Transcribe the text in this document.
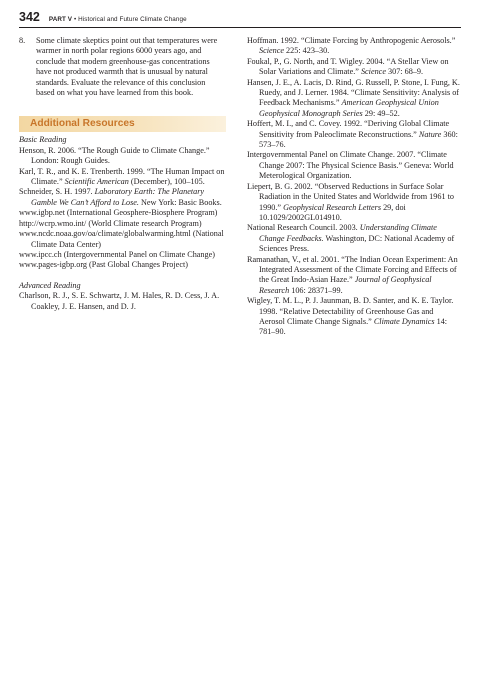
342 PART V • Historical and Future Climate Change
8.	Some climate skeptics point out that temperatures were warmer in north polar regions 6000 years ago, and conclude that modern greenhouse-gas concentrations have not produced warmth that is unusual by natural standards. Evaluate the relevance of this conclusion based on what you have learned from this book.
Additional Resources
Basic Reading
Henson, R. 2006. “The Rough Guide to Climate Change.” London: Rough Guides.
Karl, T. R., and K. E. Trenberth. 1999. “The Human Impact on Climate.” Scientific American (December), 100–105.
Schneider, S. H. 1997. Laboratory Earth: The Planetary Gamble We Can’t Afford to Lose. New York: Basic Books.
www.igbp.net (International Geosphere-Biosphere Program)
http://wcrp.wmo.int/ (World Climate research Program)
www.ncdc.noaa.gov/oa/climate/globalwarming.html (National Climate Data Center)
www.ipcc.ch (Intergovernmental Panel on Climate Change)
www.pages-igbp.org (Past Global Changes Project)
Advanced Reading
Charlson, R. J., S. E. Schwartz, J. M. Hales, R. D. Cess, J. A. Coakley, J. E. Hansen, and D. J.
Hoffman. 1992. “Climate Forcing by Anthropogenic Aerosols.” Science 225: 423–30.
Foukal, P., G. North, and T. Wigley. 2004. “A Stellar View on Solar Variations and Climate.” Science 307: 68–9.
Hansen, J. E., A. Lacis, D. Rind, G. Russell, P. Stone, I. Fung, K. Ruedy, and J. Lerner. 1984. “Climate Sensitivity: Analysis of Feedback Mechanisms.” American Geophysical Union Geophysical Monograph Series 29: 49–52.
Hoffert, M. I., and C. Covey. 1992. “Deriving Global Climate Sensitivity from Paleoclimate Reconstructions.” Nature 360: 573–76.
Intergovernmental Panel on Climate Change. 2007. “Climate Change 2007: The Physical Science Basis.” Geneva: World Meterological Organization.
Liepert, B. G. 2002. “Observed Reductions in Surface Solar Radiation in the United States and Worldwide from 1961 to 1990.” Geophysical Research Letters 29, doi 10.1029/2002GL014910.
National Research Council. 2003. Understanding Climate Change Feedbacks. Washington, DC: National Academy of Sciences Press.
Ramanathan, V., et al. 2001. “The Indian Ocean Experiment: An Integrated Assessment of the Climate Forcing and Effects of the Great Indo-Asian Haze.” Journal of Geophysical Research 106: 28371–99.
Wigley, T. M. L., P. J. Jaunman, B. D. Santer, and K. E. Taylor. 1998. “Relative Detectability of Greenhouse Gas and Aerosol Climate Change Signals.” Climate Dynamics 14: 781–90.
